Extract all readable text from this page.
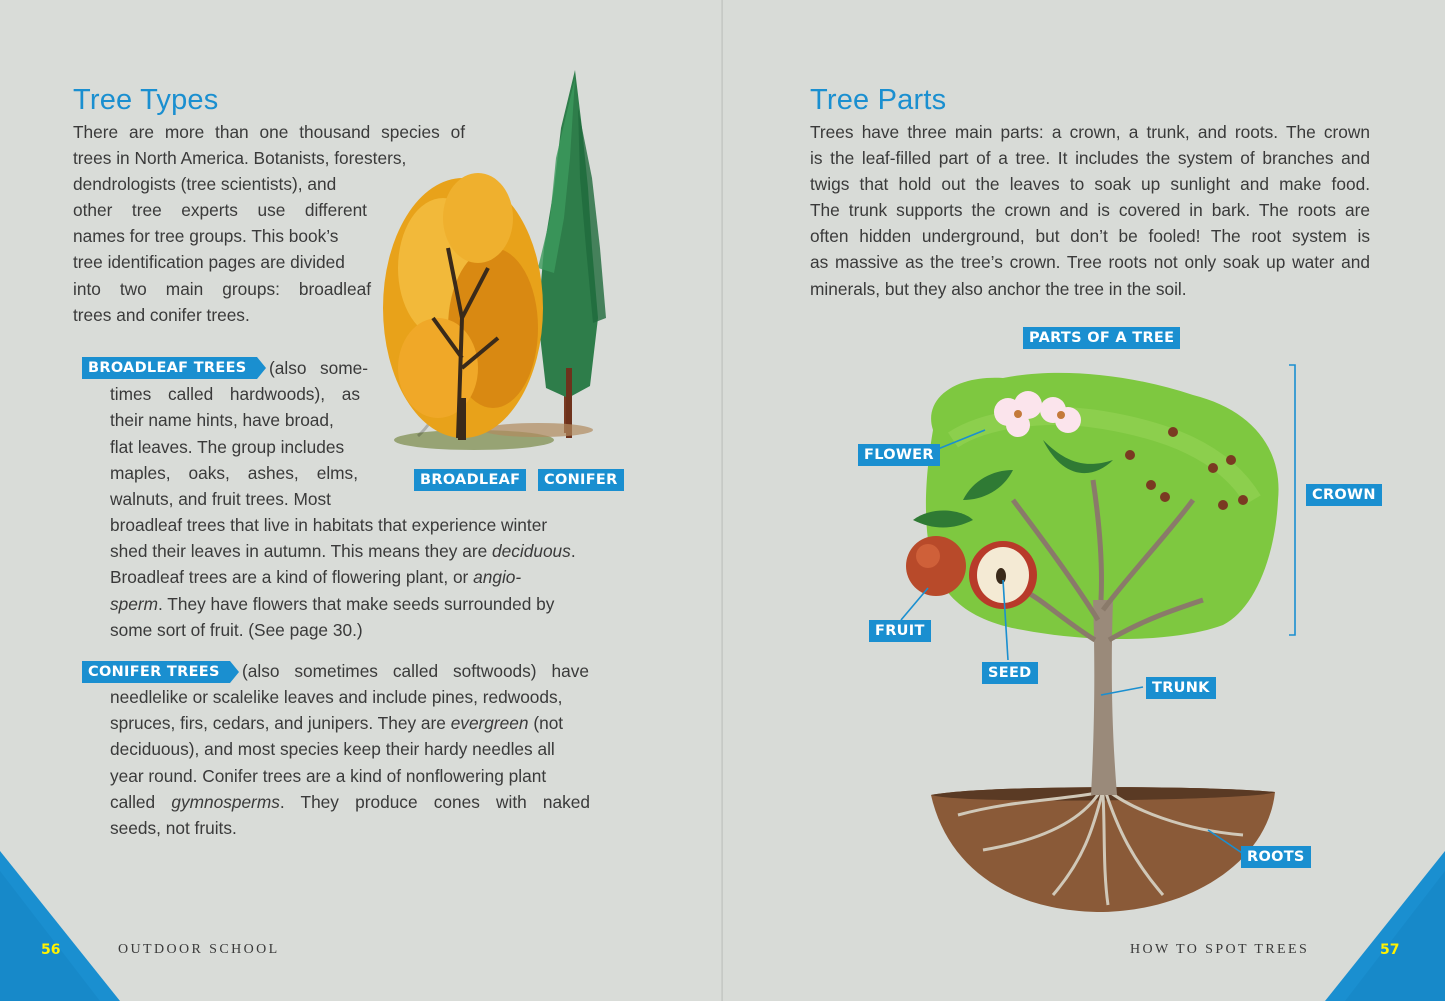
Tree Types

There are more than one thousand species of

trees in North America. Botanists, foresters,

dendrologists (tree scientists), and

other tree experts use different

names for tree groups. This book’s

tree identification pages are divided

into two main groups: broadleaf

trees and conifer trees.

BROADLEAF	CONIFER
BROADLEAF TREES	(also some-

times called hardwoods), as

their name hints, have broad,

flat leaves. The group includes

maples, oaks, ashes, elms,

walnuts, and fruit trees. Most

broadleaf trees that live in habitats that experience winter

shed their leaves in autumn. This means they are deciduous.

Broadleaf trees are a kind of flowering plant, or angio-

sperm. They have flowers that make seeds surrounded by

some sort of fruit. (See page 30.)

CONIFER TREES	(also sometimes called softwoods) have

needlelike or scalelike leaves and include pines, redwoods,

spruces, firs, cedars, and junipers. They are evergreen (not

deciduous), and most species keep their hardy needles all

year round. Conifer trees are a kind of nonflowering plant

called gymnosperms. They produce cones with naked

seeds, not fruits.

56	OUTDOOR SCHOOL
Tree Parts

Trees have three main parts: a crown, a trunk, and roots. The crown

is the leaf-filled part of a tree. It includes the system of branches and

twigs that hold out the leaves to soak up sunlight and make food.

The trunk supports the crown and is covered in bark. The roots are

often hidden underground, but don’t be fooled! The root system is

as massive as the tree’s crown. Tree roots not only soak up water and

minerals, but they also anchor the tree in the soil.

PARTS OF A TREE
FLOWER
CROWN
FRUIT
SEED
TRUNK
ROOTS
HOW TO SPOT TREES	57
